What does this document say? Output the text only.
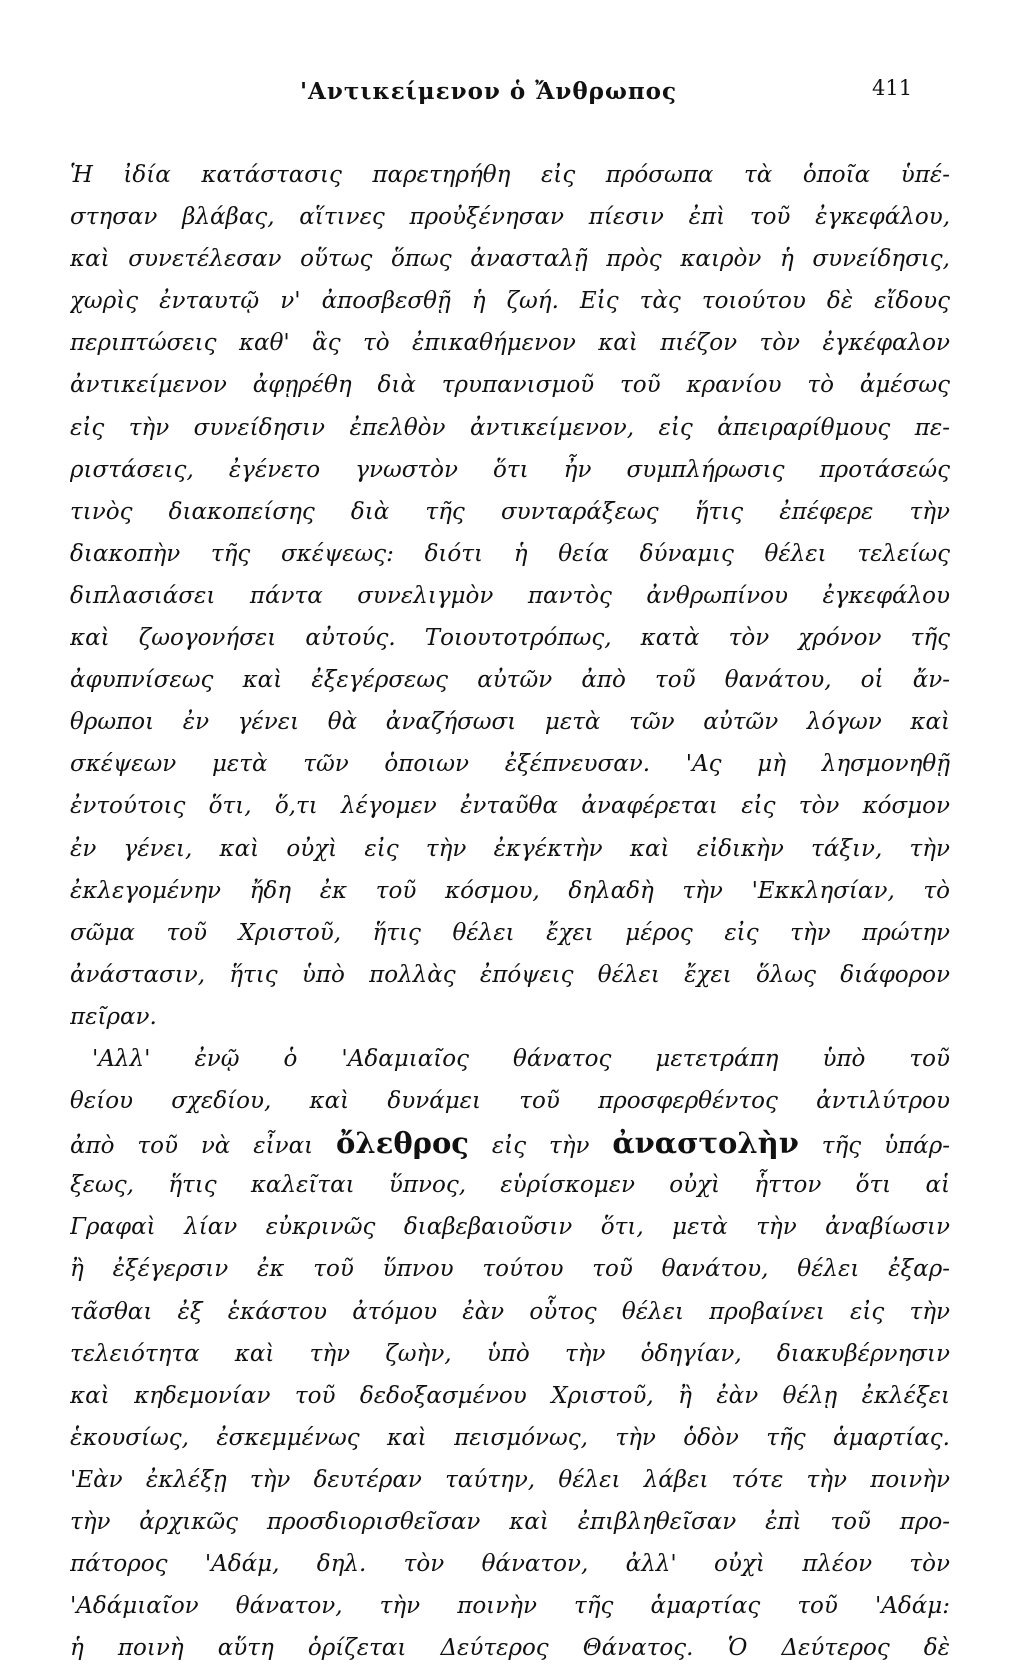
'Αντικείμενον ὁ Ἄνθρωπος	411
Ἡ ἰδία κατάστασις παρετηρήθη εἰς πρόσωπα τὰ ὁποῖα ὑπέ-
στησαν βλάβας, αἵτινες προὐξένησαν πίεσιν ἐπὶ τοῦ ἐγκεφάλου,
καὶ συνετέλεσαν οὕτως ὅπως ἀνασταλῇ πρὸς καιρὸν ἡ συνείδησις,
χωρὶς ἐνταυτῷ ν' ἀποσβεσθῇ ἡ ζωή. Εἰς τὰς τοιούτου δὲ εἴδους
περιπτώσεις καθ' ἃς τὸ ἐπικαθήμενον καὶ πιέζον τὸν ἐγκέφαλον
ἀντικείμενον ἀφῃρέθη διὰ τρυπανισμοῦ τοῦ κρανίου τὸ ἀμέσως
εἰς τὴν συνείδησιν ἐπελθὸν ἀντικείμενον, εἰς ἀπειραρίθμους πε-
ριστάσεις, ἐγένετο γνωστὸν ὅτι ἦν συμπλήρωσις προτάσεώς
τινὸς διακοπείσης διὰ τῆς συνταράξεως ἥτις ἐπέφερε τὴν
διακοπὴν τῆς σκέψεως: διότι ἡ θεία δύναμις θέλει τελείως
διπλασιάσει πάντα συνελιγμὸν παντὸς ἀνθρωπίνου ἐγκεφάλου
καὶ ζωογονήσει αὐτούς. Τοιουτοτρόπως, κατὰ τὸν χρόνον τῆς
ἀφυπνίσεως καὶ ἐξεγέρσεως αὐτῶν ἀπὸ τοῦ θανάτου, οἱ ἄν-
θρωποι ἐν γένει θὰ ἀναζήσωσι μετὰ τῶν αὐτῶν λόγων καὶ
σκέψεων μετὰ τῶν ὁποιων ἐξέπνευσαν. 'Ας μὴ λησμονηθῇ
ἐντούτοις ὅτι, ὅ,τι λέγομεν ἐνταῦθα ἀναφέρεται εἰς τὸν κόσμον
ἐν γένει, καὶ οὐχὶ εἰς τὴν ἐκγέκτὴν καὶ εἰδικὴν τάξιν, τὴν
ἐκλεγομένην ἤδη ἐκ τοῦ κόσμου, δηλαδὴ τὴν 'Εκκλησίαν, τὸ
σῶμα τοῦ Χριστοῦ, ἥτις θέλει ἔχει μέρος εἰς τὴν πρώτην
ἀνάστασιν, ἥτις ὑπὸ πολλὰς ἐπόψεις θέλει ἔχει ὅλως διάφορον
πεῖραν.
'Αλλ' ἐνῷ ὁ 'Αδαμιαῖος θάνατος μετετράπη ὑπὸ τοῦ
θείου σχεδίου, καὶ δυνάμει τοῦ προσφερθέντος ἀντιλύτρου
ἀπὸ τοῦ νὰ εἶναι ὄλεθρος εἰς τὴν ἀναστολὴν τῆς ὑπάρ-
ξεως, ἥτις καλεῖται ὕπνος, εὑρίσκομεν οὐχὶ ἧττον ὅτι αἱ
Γραφαὶ λίαν εὐκρινῶς διαβεβαιοῦσιν ὅτι, μετὰ τὴν ἀναβίωσιν
ἢ ἐξέγερσιν ἐκ τοῦ ὕπνου τούτου τοῦ θανάτου, θέλει ἐξαρ-
τᾶσθαι ἐξ ἑκάστου ἀτόμου ἐὰν οὗτος θέλει προβαίνει εἰς τὴν
τελειότητα καὶ τὴν ζωὴν, ὑπὸ τὴν ὁδηγίαν, διακυβέρνησιν
καὶ κηδεμονίαν τοῦ δεδοξασμένου Χριστοῦ, ἢ ἐὰν θέλῃ ἐκλέξει
ἑκουσίως, ἐσκεμμένως καὶ πεισμόνως, τὴν ὁδὸν τῆς ἁμαρτίας.
'Εὰν ἐκλέξῃ τὴν δευτέραν ταύτην, θέλει λάβει τότε τὴν ποινὴν
τὴν ἀρχικῶς προσδιορισθεῖσαν καὶ ἐπιβληθεῖσαν ἐπὶ τοῦ προ-
πάτορος 'Αδάμ, δηλ. τὸν θάνατον, ἀλλ' οὐχὶ πλέον τὸν
'Αδάμιαῖον θάνατον, τὴν ποινὴν τῆς ἁμαρτίας τοῦ 'Αδάμ:
ἡ ποινὴ αὕτη ὁρίζεται Δεύτερος Θάνατος. Ὁ Δεύτερος δὲ
